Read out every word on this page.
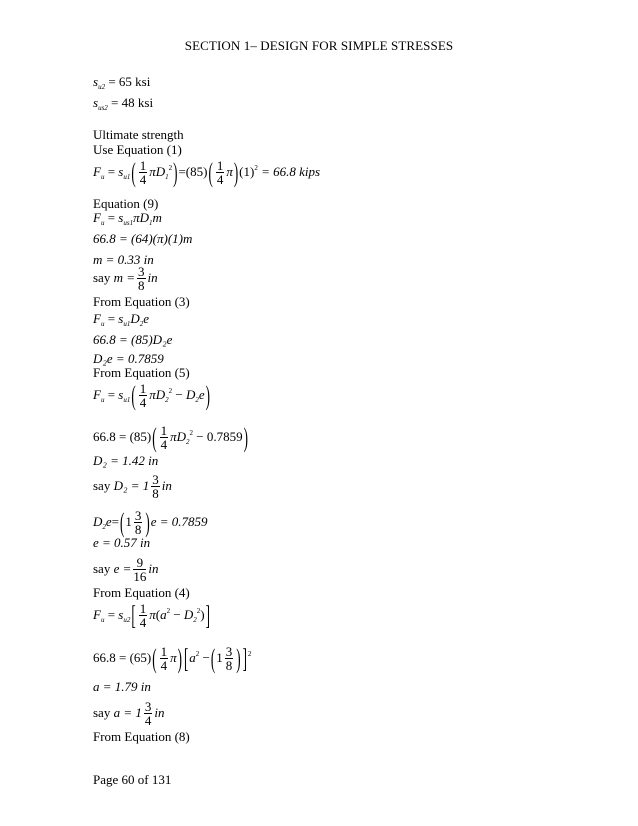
SECTION 1– DESIGN FOR SIMPLE STRESSES
$s_{u2} = 65$ ksi
$s_{us2} = 48$ ksi
Ultimate strength
Use Equation (1)
$F_u = s_{u1}( \frac{1}{4} \pi D_1^2)=(85)( \frac{1}{4} \pi)(1)^2 = 66.8$ kips
Equation (9)
$F_u = s_{us1}\pi D_1m$
66.8 = (64)(π)(1)m
m = 0.33 in
say $m = \frac{3}{8}$ in
From Equation (3)
$F_u = s_{u1}D_2e$
66.8 = (85)D₂e
D₂e = 0.7859
From Equation (5)
$F_u = s_{u1}( \frac{1}{4} \pi D_2^2 - D_2e)$
$66.8 = (85)( \frac{1}{4} \pi D_2^2 - 0.7859)$
D₂ = 1.42 in
say $D_2 = 1 \frac{3}{8}$ in
$D_2e=(1 \frac{3}{8} )e = 0.7859$
e = 0.57 in
say $e = \frac{9}{16}$ in
From Equation (4)
$F_u = s_{u2}[ \frac{1}{4} \pi(a^2 - D_2^2)]$
$66.8 = (65)( \frac{1}{4} \pi)$ [$a^2 -(1 \frac{3}{8}$ ) ]$^2$
a = 1.79 in
say $a = 1 \frac{3}{4}$ in
From Equation (8)
Page 60 of 131
